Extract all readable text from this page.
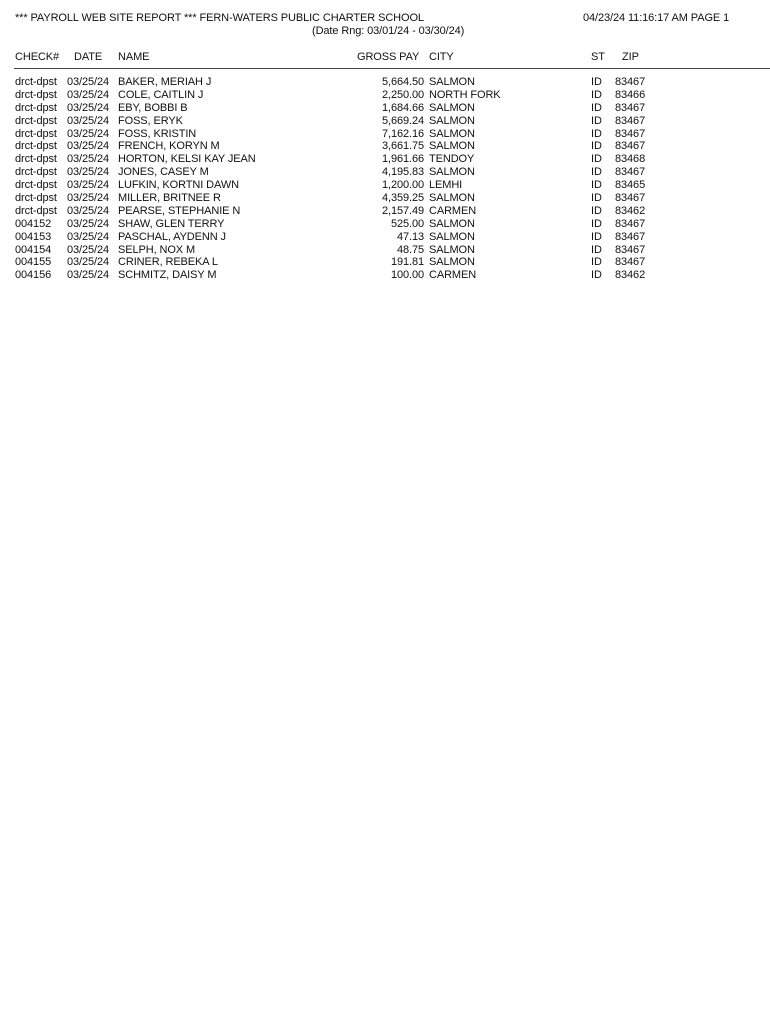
*** PAYROLL WEB SITE REPORT *** FERN-WATERS PUBLIC CHARTER SCHOOL	04/23/24 11:16:17 AM PAGE 1
(Date Rng: 03/01/24 - 03/30/24)
CHECK# DATE NAME	GROSS PAY CITY	ST ZIP
drct-dpst 03/25/24 BAKER, MERIAH J	5,664.50 SALMON	ID 83467
drct-dpst 03/25/24 COLE, CAITLIN J	2,250.00 NORTH FORK	ID 83466
drct-dpst 03/25/24 EBY, BOBBI B	1,684.66 SALMON	ID 83467
drct-dpst 03/25/24 FOSS, ERYK	5,669.24 SALMON	ID 83467
drct-dpst 03/25/24 FOSS, KRISTIN	7,162.16 SALMON	ID 83467
drct-dpst 03/25/24 FRENCH, KORYN M	3,661.75 SALMON	ID 83467
drct-dpst 03/25/24 HORTON, KELSI KAY JEAN	1,961.66 TENDOY	ID 83468
drct-dpst 03/25/24 JONES, CASEY M	4,195.83 SALMON	ID 83467
drct-dpst 03/25/24 LUFKIN, KORTNI DAWN	1,200.00 LEMHI	ID 83465
drct-dpst 03/25/24 MILLER, BRITNEE R	4,359.25 SALMON	ID 83467
drct-dpst 03/25/24 PEARSE, STEPHANIE N	2,157.49 CARMEN	ID 83462
004152 03/25/24 SHAW, GLEN TERRY	525.00 SALMON	ID 83467
004153 03/25/24 PASCHAL, AYDENN J	47.13 SALMON	ID 83467
004154 03/25/24 SELPH, NOX M	48.75 SALMON	ID 83467
004155 03/25/24 CRINER, REBEKA L	191.81 SALMON	ID 83467
004156 03/25/24 SCHMITZ, DAISY M	100.00 CARMEN	ID 83462
